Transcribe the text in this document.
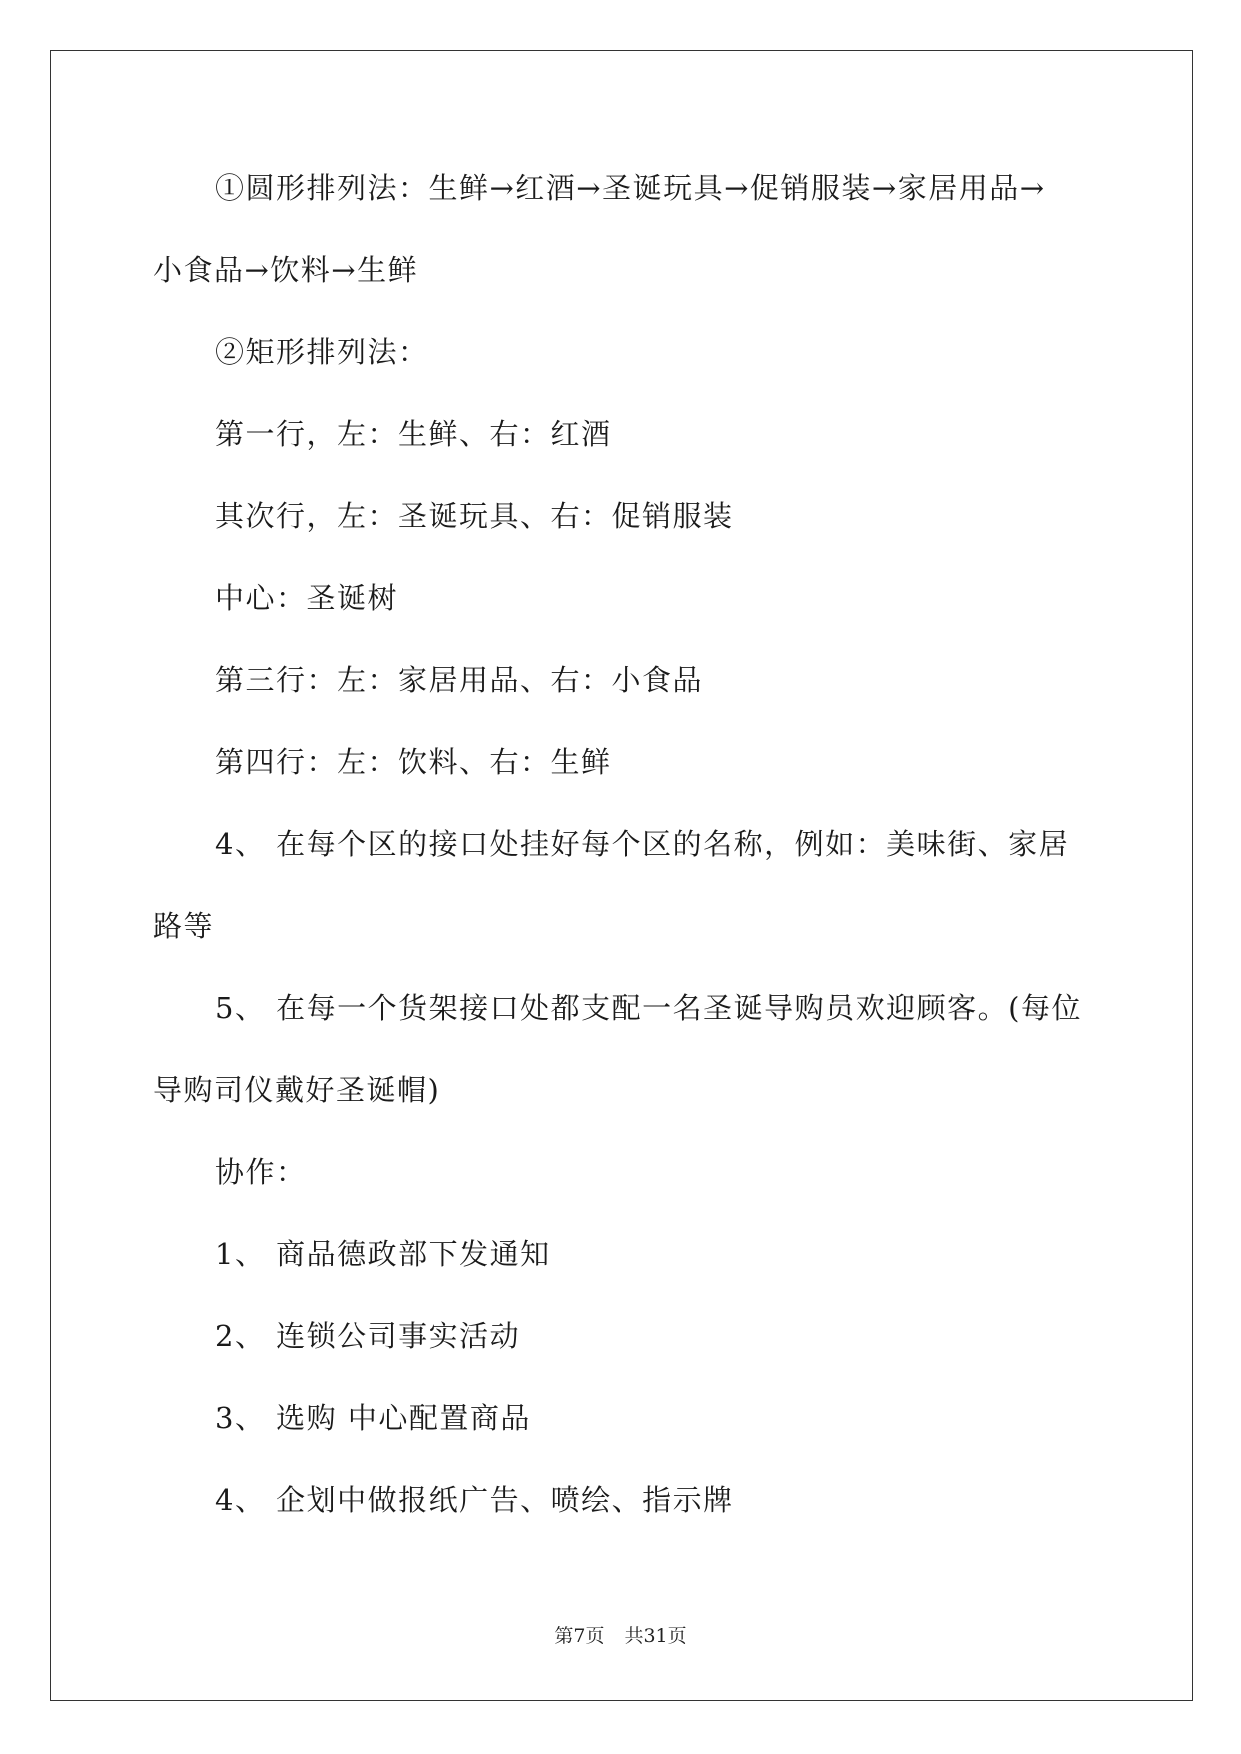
①圆形排列法：生鲜→红酒→圣诞玩具→促销服装→家居用品→
小食品→饮料→生鲜
②矩形排列法：
第一行，左：生鲜、右：红酒
其次行，左：圣诞玩具、右：促销服装
中心：圣诞树
第三行：左：家居用品、右：小食品
第四行：左：饮料、右：生鲜
4、 在每个区的接口处挂好每个区的名称，例如：美味街、家居
路等
5、 在每一个货架接口处都支配一名圣诞导购员欢迎顾客。(每位
导购司仪戴好圣诞帽)
协作：
1、 商品德政部下发通知
2、 连锁公司事实活动
3、 选购 中心配置商品
4、 企划中做报纸广告、喷绘、指示牌
第7页 共31页
